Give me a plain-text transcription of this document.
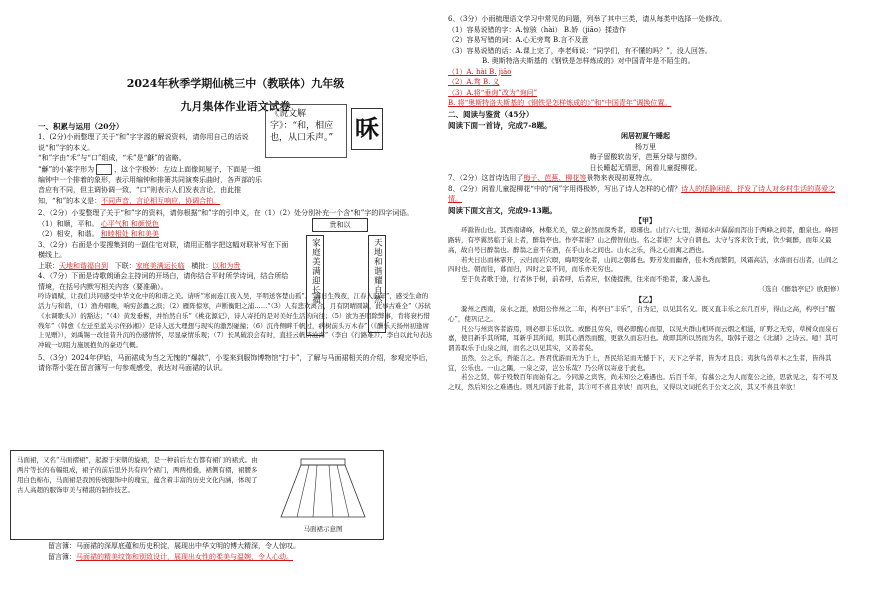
2024年秋季学期仙桃三中（教联体）九年级
九月集体作业语文试卷

一、积累与运用（20分）

1、(2分)小雨整理了关于“和”字字源的解说资料，请你用自己的话说说“和”字的本义。

“和”字由“禾”与“口”组成，“禾”是“龢”的省略。

“龢”的小篆字形为	，这个字极妙：左边上面像间屋子，下面是一组编钟中一个排着的象形，表示用编钟和排箫共同演奏乐曲时，各声部的乐音应有不同，但主调协调一致，“口”则表示人们发表言论，由此推知，“和”的本义是：不同声音，言论相互响应，协调合拍。

2、（2分）小雯整理了关于“和”字的资料，请你根据“和”字的引申义，在（1）（2）处分别补充一个含“和”字的四字词语。

（1）和顺，平和。 心平气和 和颜悦色

（2）相安，和谐。 和睦相处 和和美美

3、（2分）右面是小雯搜集到的一副住宅对联，请用正楷字把这幅对联补写在下面横线上。

上联：天地和谐福自到 下联：家庭美满运长临 横批：以和为贵

4、（7分）下面是诗歌朗诵会主持词的开场白，请你结合平时所学诗词，结合所给情境，在括号内默写相关内容（要准确）。

吟诗诵赋，让我们共同感受中华文化中的和谐之美。请听“寒雨连江夜入吴，平明送客楚山孤”、“海日生残夜，江春入旧年”，感受生命的活力与和谐，（1）渔舟唱晚，响穷彭蠡之滨；（2）雁阵惊寒，声断衡阳之浦……“（3）人有悲欢离合，月有阴晴圆缺，此事古难全”（苏轼《水调歌头》）的豁达；“（4）黄发垂髫，并怡然自乐”《桃花源记》，诗人寄托的是对美好生活的向往；（5）欲为圣明除弊事，肯将衰朽惜残年”（韩愈《左迁至蓝关示侄孙湘》）是诗人远大理想与现实的激烈碰撞；（6）沉舟侧畔千帆过，病树前头万木春”（《酬乐天扬州初逢席上见赠》），刘禹锡一改往昔升沉的伤感情怀，尽显豪情乐观；（7）长风破浪会有时，直挂云帆济沧海”（李白《行路难》），李白以此句表达冲破一切阻力施展抱负的豪迈气概。

5、（3分）2024年伊始，马面裙成为当之无愧的“爆款”，小雯来到服饰博物馆“打卡”，了解与马面裙相关的介绍，参观完毕后，请你帮小雯在留言簿写一句参观感受，表达对马面裙的认识。

《说文解字》：“和，相应也，从口禾声。” 咊
贵和以
家庭美满迎长福	天地和谐耀自然
马面裙，又名“马面褶裙”，起源于宋朝的旋裙，是一种前后左右都有裙门的裙式。由两片等长的布幅组成，裙子的前后里外共有四个裙门，两两相叠，裙侧有褶，裙腰多用白色棉布，马面裙是我国传统服饰中的瑰宝，蕴含着丰富的历史文化内涵，体现了古人高超的服饰审美与精湛的制作技艺。
马面裙示意图

留言簿：马面裙的深厚底蕴和历史积淀，展现出中华文明的博大精深，令人惊叹。

留言簿：马面裙的精美纹饰和别致设计，展现出女性的柔美与温婉，令人心动。

6、（3分）小雨梳理语文学习中常见的问题，列举了其中三类，请从每类中选择一处修改。

（1）容易说错的字：A.惊骇（hài） B.娇（jiāo）揉造作

（2）容易写错的词：A.心无旁骛 B.言不及意

（3）容易说错的话：A.课上完了，李老师说：“同学们，有不懂的吗？”，没人回答。

B. 奥斯特洛夫斯基的《钢铁是怎样炼成的》对中国青年是不陌生的。

（1）A. hài B. jiāo

（2）A.骛 B. 义

（3）A.将“垂询”改为“询问”

B. 将“奥斯特洛夫斯基的《钢铁是怎样炼成的》”和“中国青年”调换位置。

二、阅读与鉴赏（45分）

阅读下面一首诗，完成7-8题。

闲居初夏午睡起

杨万里

梅子留酸软齿牙，芭蕉分绿与窗纱。

日长睡起无情思，闲看儿童捉柳花。

7、（2分）这首诗选用了梅子、芭蕉、柳花等景物来表现初夏特点。

8、（2分）闲看儿童捉柳花“中的“闲”字用得极妙，写出了诗人怎样的心情？诗人的恬静闲适，抒发了诗人对乡村生活的喜爱之情。

阅读下面文言文，完成9-13题。

【甲】

环滁皆山也。其西南诸峰，林壑尤美，望之蔚然而深秀者，琅琊也。山行六七里，渐闻水声潺潺而泻出于两峰之间者，酿泉也。峰回路转，有亭翼然临于泉上者，醉翁亭也。作亭者谁？山之僧智仙也。名之者谁？太守自谓也。太守与客来饮于此，饮少辄醉，而年又最高，故自号曰醉翁也。醉翁之意不在酒，在乎山水之间也。山水之乐，得之心而寓之酒也。

若夫日出而林霏开，云归而岩穴暝，晦明变化者，山间之朝暮也。野芳发而幽香，佳木秀而繁阴，风霜高洁，水落而石出者，山间之四时也。朝而往，暮而归，四时之景不同，而乐亦无穷也。

至于负者歌于途，行者休于树，前者呼，后者应，伛偻提携，往来而不绝者，滁人游也。

（选自《醉翁亭记》欧阳修）

【乙】

滁州之西南，泉水之涯，欧阳公作州之二年，构亭曰“丰乐”，自为记，以见其名义。既又直丰乐之东几百步，得山之高，构亭曰“醒心”，使巩记之。

凡公与州宾客者游焉，则必即丰乐以饮。或醉且劳矣，则必即醒心而望，以见夫群山相环而云烟之相滋，旷野之无穷，草树众而泉石嘉，使目新乎其所睹，耳新乎其所闻，则其心洒然而醒，更欲久而忘归也。故即其所以然而为名，取韩子退之《北湖》之诗云。噫！其可谓善取乐于山泉之间，而名之以见其实，又善者矣。

虽然，公之乐，吾能言之。吾君优游而无为于上，吾民给足而无憾于下，天下之学者，皆为才且良；夷狄鸟兽草木之生者，皆得其宜，公乐也。一山之隅，一泉之旁，岂公乐哉？乃公所以寄意于此也。

若公之贤，韩子殁数百年而始有之。今同游之宾客，尚未知公之难遇也。后百千年，有慕公之为人而览公之迹，思欲见之，有不可及之叹，然后知公之难遇也。则凡同游于此者，其③可不喜且幸欤！而巩也，又得以文词托名于公文之次，其又不喜且幸欤！
